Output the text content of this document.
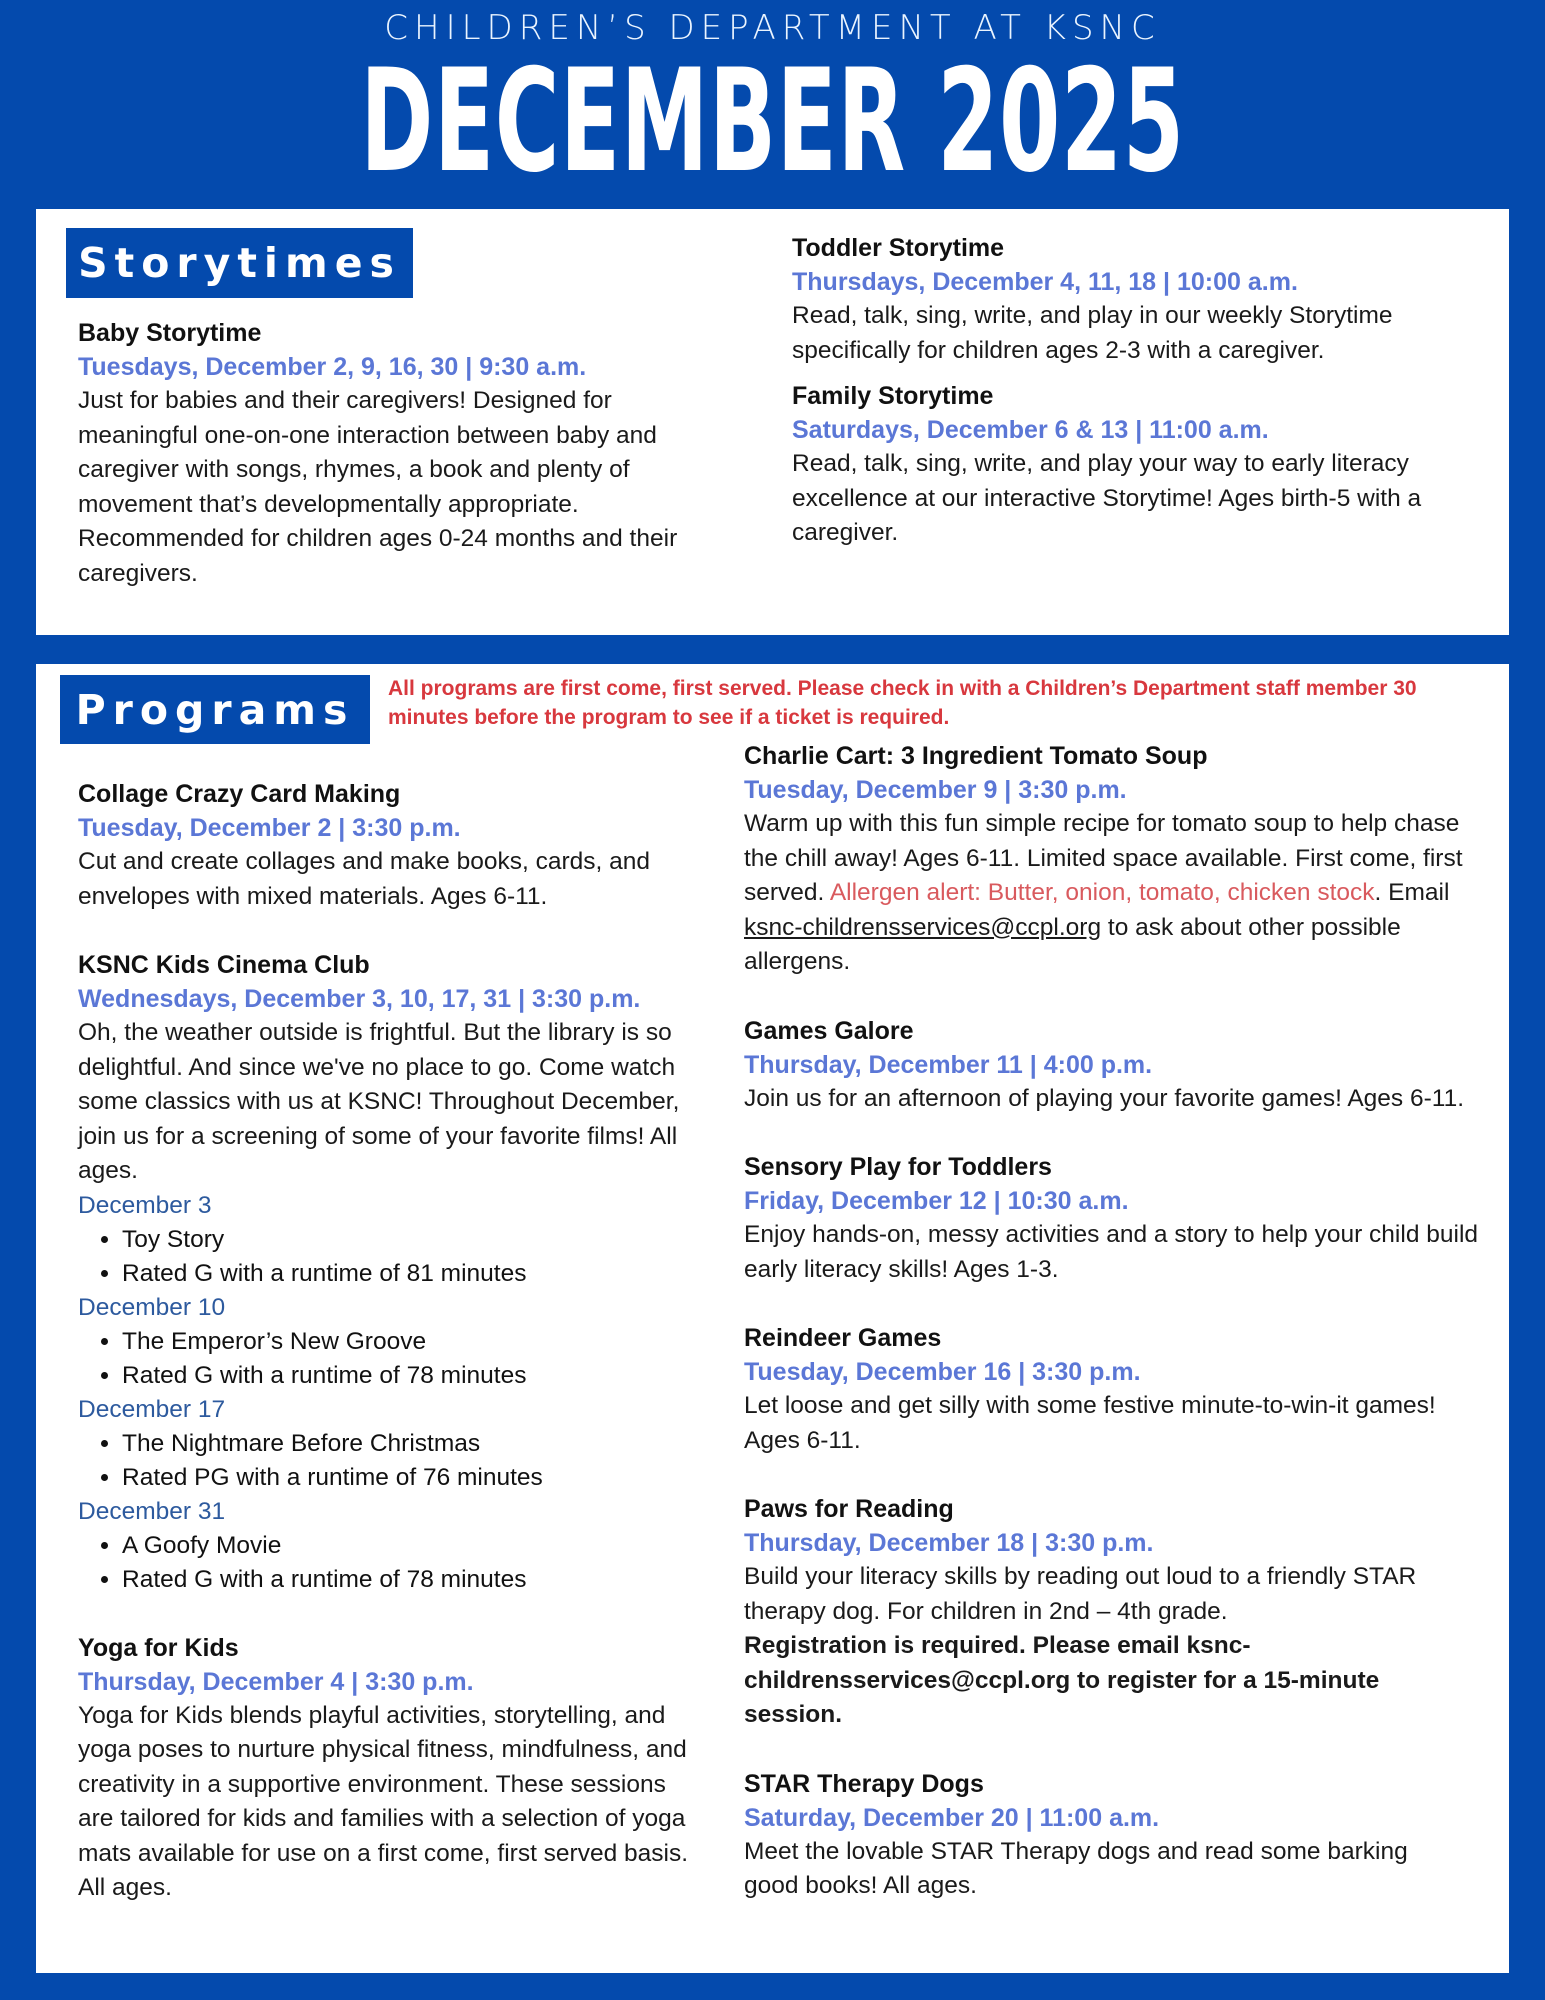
CHILDREN’S DEPARTMENT AT KSNC
DECEMBER 2025
Storytimes
Baby Storytime
Tuesdays, December 2, 9, 16, 30 | 9:30 a.m.
Just for babies and their caregivers! Designed for meaningful one-on-one interaction between baby and caregiver with songs, rhymes, a book and plenty of movement that’s developmentally appropriate. Recommended for children ages 0-24 months and their caregivers.
Toddler Storytime
Thursdays, December 4, 11, 18 | 10:00 a.m.
Read, talk, sing, write, and play in our weekly Storytime specifically for children ages 2-3 with a caregiver.
Family Storytime
Saturdays, December 6 & 13 | 11:00 a.m.
Read, talk, sing, write, and play your way to early literacy excellence at our interactive Storytime! Ages birth-5 with a caregiver.
Programs	All programs are first come, first served. Please check in with a Children’s Department staff member 30 minutes before the program to see if a ticket is required.
Collage Crazy Card Making
Tuesday, December 2 | 3:30 p.m.
Cut and create collages and make books, cards, and envelopes with mixed materials. Ages 6-11.
KSNC Kids Cinema Club
Wednesdays, December 3, 10, 17, 31 | 3:30 p.m.
Oh, the weather outside is frightful. But the library is so delightful. And since we've no place to go. Come watch some classics with us at KSNC! Throughout December, join us for a screening of some of your favorite films! All ages.
December 3
• Toy Story
• Rated G with a runtime of 81 minutes
December 10
• The Emperor’s New Groove
• Rated G with a runtime of 78 minutes
December 17
• The Nightmare Before Christmas
• Rated PG with a runtime of 76 minutes
December 31
• A Goofy Movie
• Rated G with a runtime of 78 minutes
Yoga for Kids
Thursday, December 4 | 3:30 p.m.
Yoga for Kids blends playful activities, storytelling, and yoga poses to nurture physical fitness, mindfulness, and creativity in a supportive environment. These sessions are tailored for kids and families with a selection of yoga mats available for use on a first come, first served basis. All ages.
Charlie Cart: 3 Ingredient Tomato Soup
Tuesday, December 9 | 3:30 p.m.
Warm up with this fun simple recipe for tomato soup to help chase the chill away! Ages 6-11. Limited space available. First come, first served. Allergen alert: Butter, onion, tomato, chicken stock. Email ksnc-childrensservices@ccpl.org to ask about other possible allergens.
Games Galore
Thursday, December 11 | 4:00 p.m.
Join us for an afternoon of playing your favorite games! Ages 6-11.
Sensory Play for Toddlers
Friday, December 12 | 10:30 a.m.
Enjoy hands-on, messy activities and a story to help your child build early literacy skills! Ages 1-3.
Reindeer Games
Tuesday, December 16 | 3:30 p.m.
Let loose and get silly with some festive minute-to-win-it games! Ages 6-11.
Paws for Reading
Thursday, December 18 | 3:30 p.m.
Build your literacy skills by reading out loud to a friendly STAR therapy dog. For children in 2nd – 4th grade.
Registration is required. Please email ksnc-childrensservices@ccpl.org to register for a 15-minute session.
STAR Therapy Dogs
Saturday, December 20 | 11:00 a.m.
Meet the lovable STAR Therapy dogs and read some barking good books! All ages.
